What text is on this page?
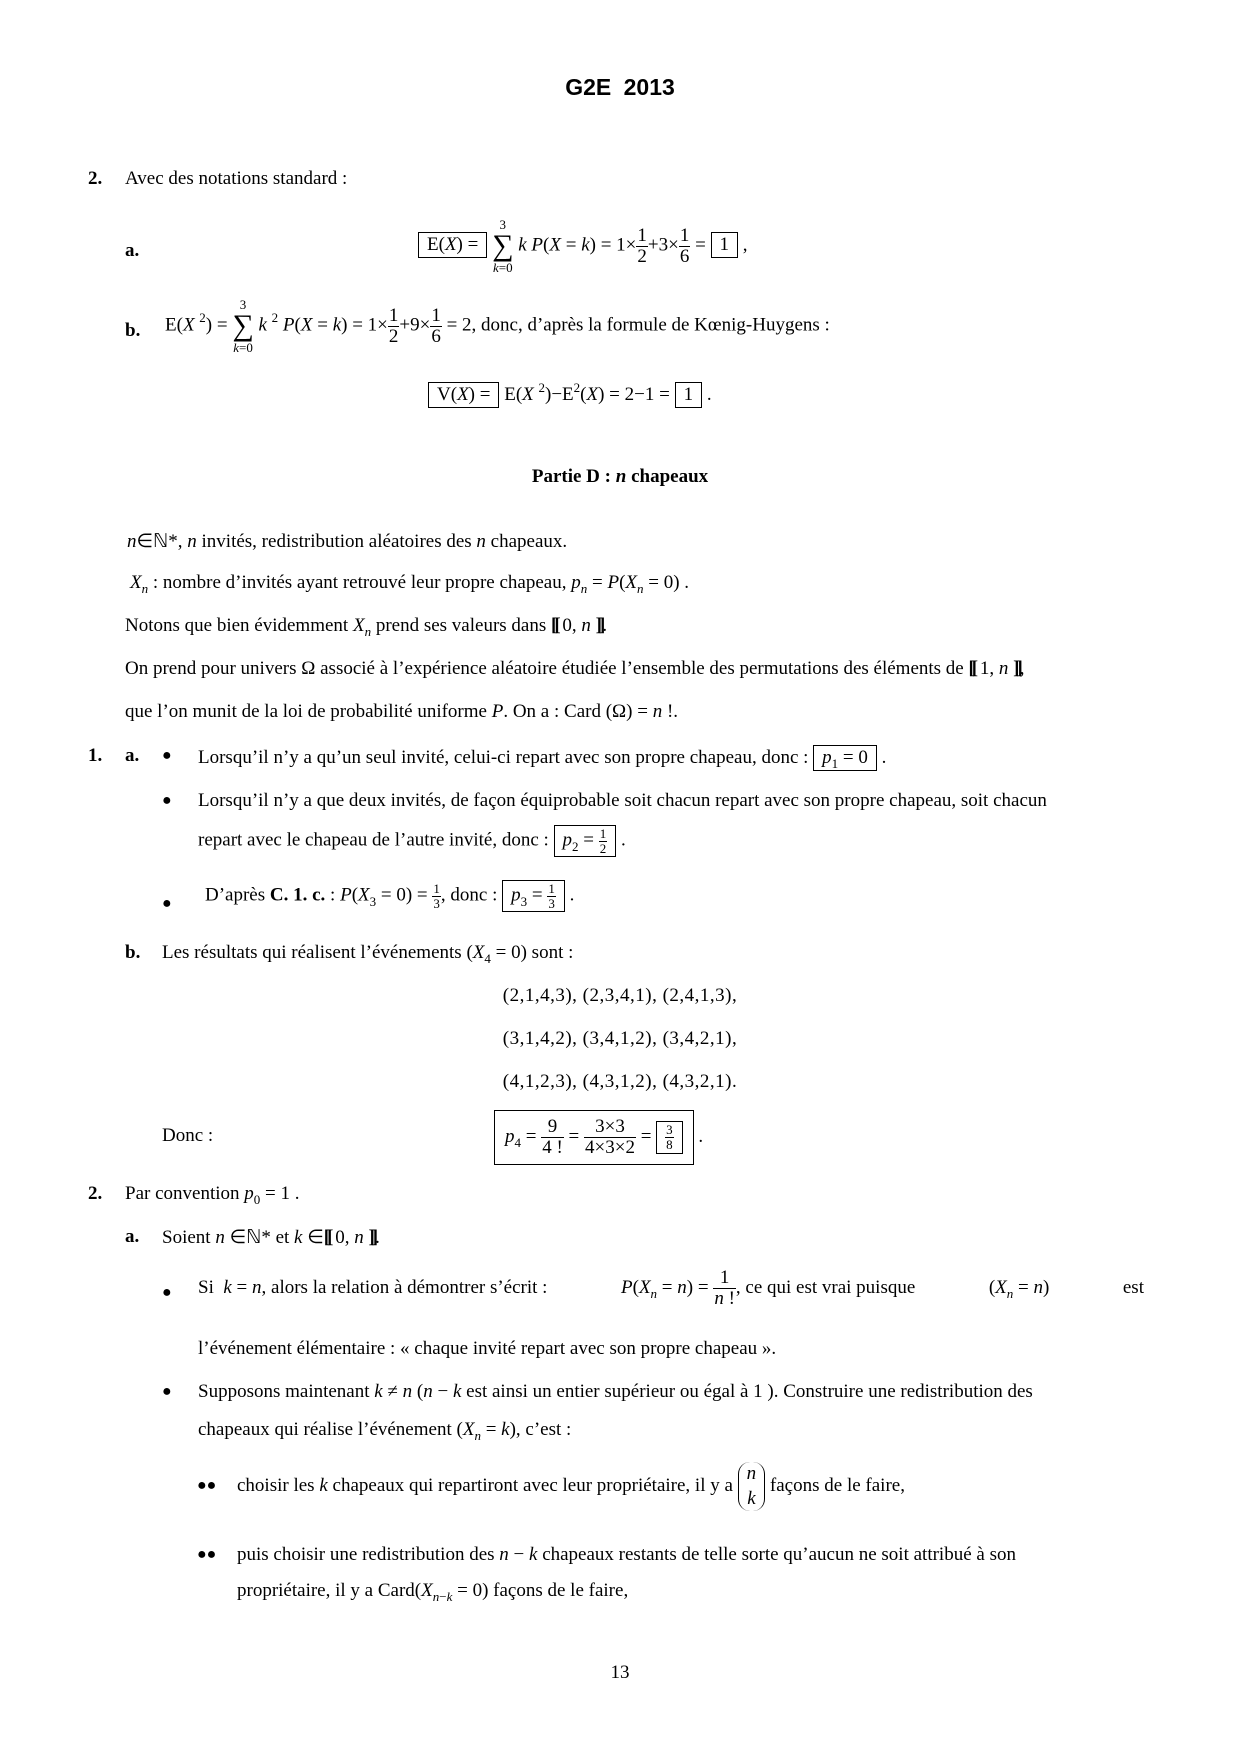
G2E 2013
2. Avec des notations standard :
a.	E(X) =
3
∑
k=0
k $P(X = k) = 1\times \frac{1}{2} +3\times \frac{1}{6} = 1$ ,
b. E(X $^2$) =
3
∑
k=0
k $^2$ $P(X = k) = 1\times \frac{1}{2} +9\times \frac{1}{6} = 2$, donc, d’après la formule de Kœnig-Huygens :
V(X) = E(X $^2)-E^2(X) = 2-1 = 1$ .
Partie D : n chapeaux
n∈ℕ*, n invités, redistribution aléatoires des n chapeaux.
$X_n$ : nombre d’invités ayant retrouvé leur propre chapeau, $p_n = P(X_n = 0)$ .
Notons que bien évidemment $X_n$ prend ses valeurs dans [[ 0, n ]].
On prend pour univers Ω associé à l’expérience aléatoire étudiée l’ensemble des permutations des éléments de [[ 1, n ]],
que l’on munit de la loi de probabilité uniforme P. On a : Card (Ω) = n !.
1. a. ● Lorsqu’il n’y a qu’un seul invité, celui-ci repart avec son propre chapeau, donc : $p_1 = 0$ .
● Lorsqu’il n’y a que deux invités, de façon équiprobable soit chacun repart avec son propre chapeau, soit chacun
repart avec le chapeau de l’autre invité, donc : $p_2 = \frac{1}{2}$ .
● D’après C. 1. c. : $P(X_3 = 0) = \frac{1}{3}$ , donc : $p_3 = \frac{1}{3}$ .
b. Les résultats qui réalisent l’événements $(X_4 = 0)$ sont :
(2,1,4,3), (2,3,4,1), (2,4,1,3),
(3,1,4,2), (3,4,1,2), (3,4,2,1),
(4,1,2,3), (4,3,1,2), (4,3,2,1).
Donc :	$p_4 = \frac{9}{4 !} = \frac{3\times 3}{4\times 3\times 2} = \frac{3}{8}$ .
2. Par convention $p_0 = 1$ .
a. Soient n ∈ℕ* et k ∈[[ 0, n ]].
● Si k = n, alors la relation à démontrer s’écrit :	$P(X_n = n) = \frac{1}{n !}$ , ce qui est vrai puisque	$(X_n = n)$	est
l’événement élémentaire : « chaque invité repart avec son propre chapeau ».
● Supposons maintenant k ≠ n (n − k est ainsi un entier supérieur ou égal à 1 ). Construire une redistribution des
chapeaux qui réalise l’événement $(X_n = k)$, c’est :
●● choisir les k chapeaux qui repartiront avec leur propriétaire, il y a
n
k
façons de le faire,
●● puis choisir une redistribution des n − k chapeaux restants de telle sorte qu’aucun ne soit attribué à son
propriétaire, il y a $Card(X_{n-k} = 0)$ façons de le faire,
13
